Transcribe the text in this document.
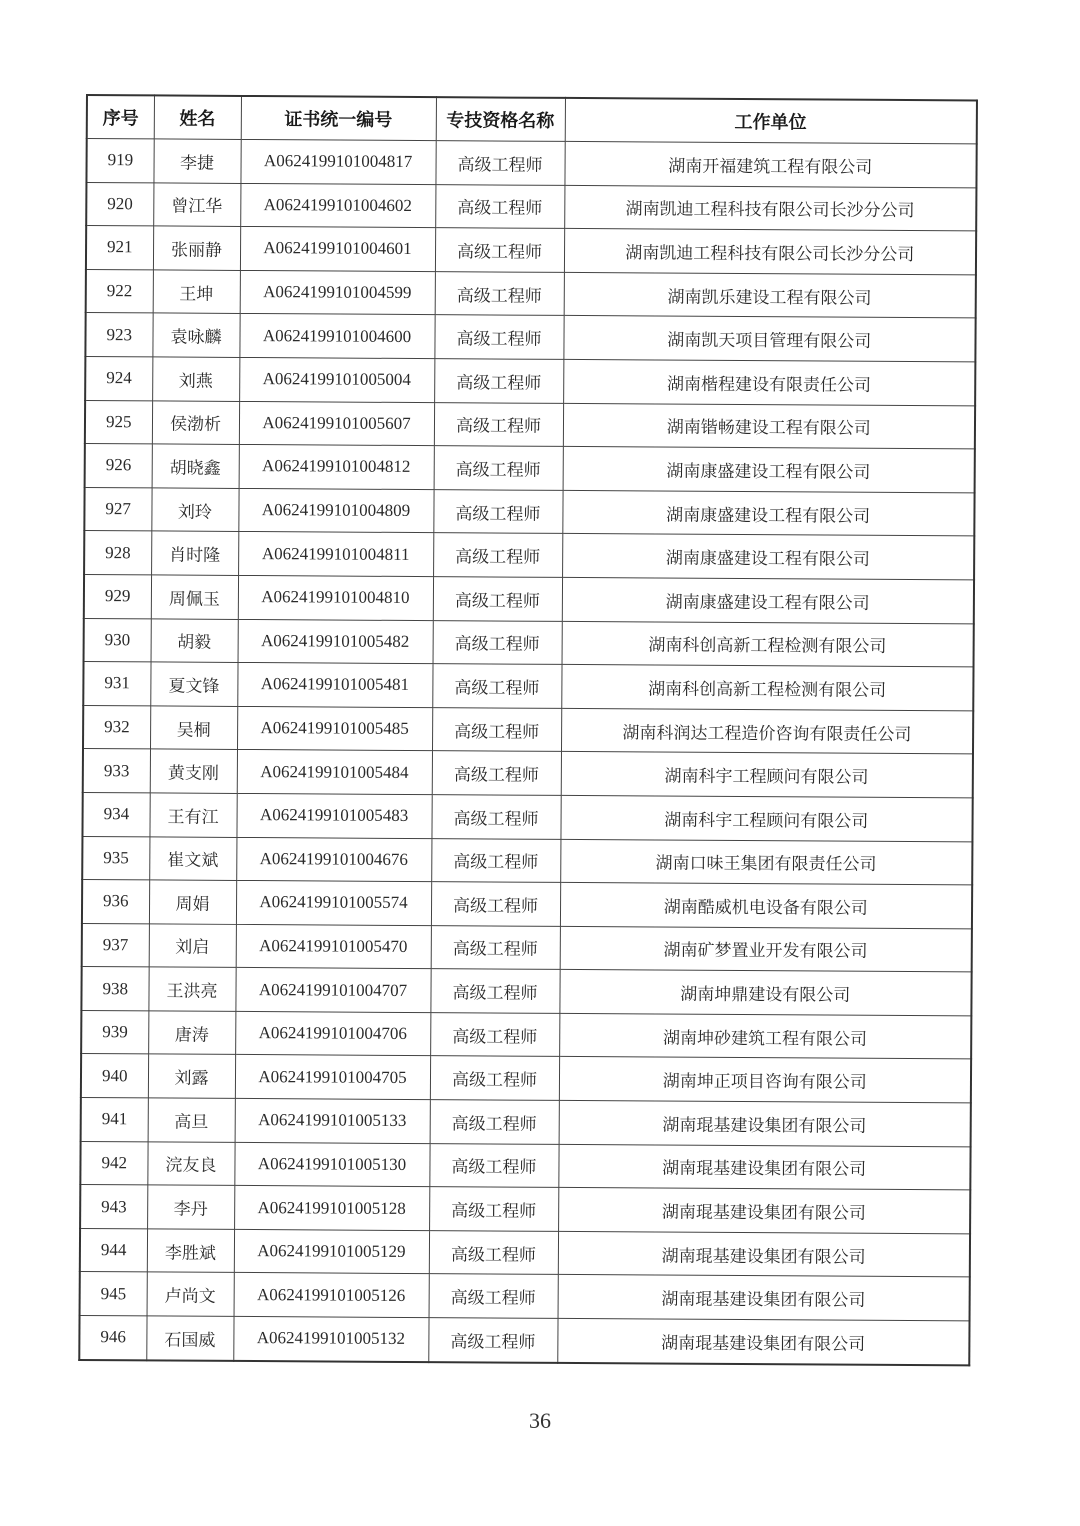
序号	姓名	证书统一编号	专技资格名称	工作单位
919	李捷	A0624199101004817	高级工程师	湖南开福建筑工程有限公司
920	曾江华	A0624199101004602	高级工程师	湖南凯迪工程科技有限公司长沙分公司
921	张丽静	A0624199101004601	高级工程师	湖南凯迪工程科技有限公司长沙分公司
922	王坤	A0624199101004599	高级工程师	湖南凯乐建设工程有限公司
923	袁咏麟	A0624199101004600	高级工程师	湖南凯天项目管理有限公司
924	刘燕	A0624199101005004	高级工程师	湖南楷程建设有限责任公司
925	侯渤析	A0624199101005607	高级工程师	湖南锴畅建设工程有限公司
926	胡晓鑫	A0624199101004812	高级工程师	湖南康盛建设工程有限公司
927	刘玲	A0624199101004809	高级工程师	湖南康盛建设工程有限公司
928	肖时隆	A0624199101004811	高级工程师	湖南康盛建设工程有限公司
929	周佩玉	A0624199101004810	高级工程师	湖南康盛建设工程有限公司
930	胡毅	A0624199101005482	高级工程师	湖南科创高新工程检测有限公司
931	夏文锋	A0624199101005481	高级工程师	湖南科创高新工程检测有限公司
932	吴桐	A0624199101005485	高级工程师	湖南科润达工程造价咨询有限责任公司
933	黄支刚	A0624199101005484	高级工程师	湖南科宇工程顾问有限公司
934	王有江	A0624199101005483	高级工程师	湖南科宇工程顾问有限公司
935	崔文斌	A0624199101004676	高级工程师	湖南口味王集团有限责任公司
936	周娟	A0624199101005574	高级工程师	湖南酷威机电设备有限公司
937	刘启	A0624199101005470	高级工程师	湖南矿梦置业开发有限公司
938	王洪亮	A0624199101004707	高级工程师	湖南坤鼎建设有限公司
939	唐涛	A0624199101004706	高级工程师	湖南坤砂建筑工程有限公司
940	刘露	A0624199101004705	高级工程师	湖南坤正项目咨询有限公司
941	高旦	A0624199101005133	高级工程师	湖南琨基建设集团有限公司
942	浣友良	A0624199101005130	高级工程师	湖南琨基建设集团有限公司
943	李丹	A0624199101005128	高级工程师	湖南琨基建设集团有限公司
944	李胜斌	A0624199101005129	高级工程师	湖南琨基建设集团有限公司
945	卢尚文	A0624199101005126	高级工程师	湖南琨基建设集团有限公司
946	石国威	A0624199101005132	高级工程师	湖南琨基建设集团有限公司
36
